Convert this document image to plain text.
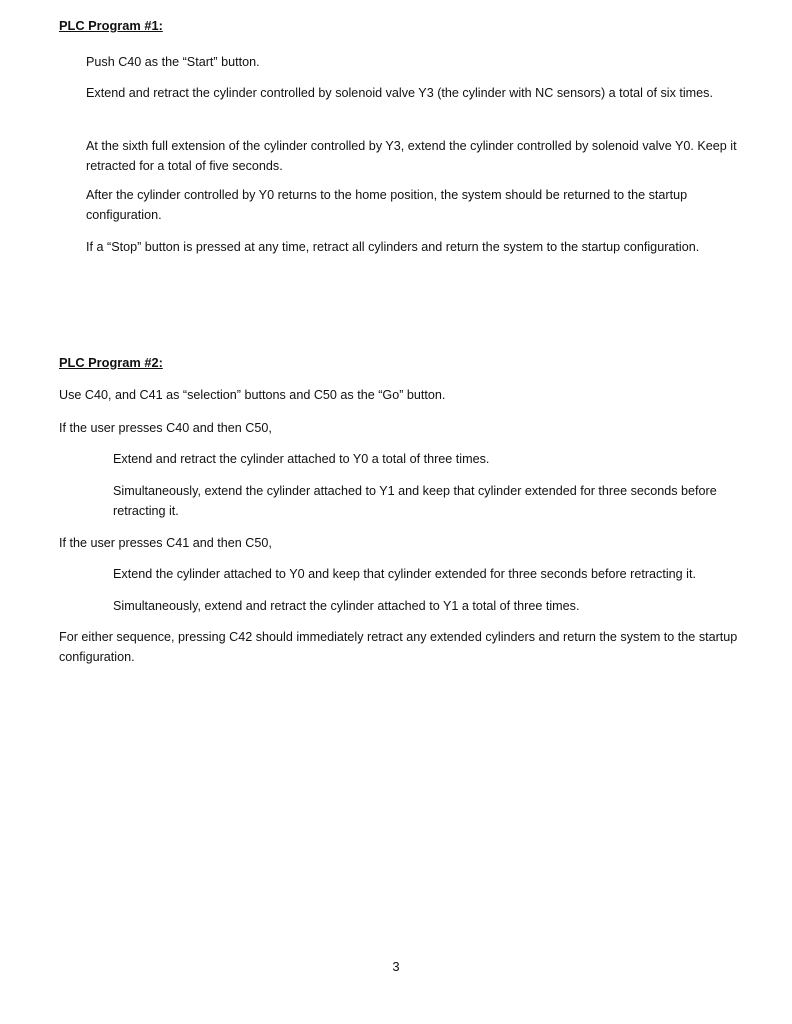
PLC Program #1:

Push C40 as the “Start” button.

Extend and retract the cylinder controlled by solenoid valve Y3 (the cylinder with NC sensors) a total of six times.

At the sixth full extension of the cylinder controlled by Y3, extend the cylinder controlled by solenoid valve Y0. Keep it retracted for a total of five seconds.

After the cylinder controlled by Y0 returns to the home position, the system should be returned to the startup configuration.

If a “Stop” button is pressed at any time, retract all cylinders and return the system to the startup configuration.

PLC Program #2:

Use C40, and C41 as “selection” buttons and C50 as the “Go” button.

If the user presses C40 and then C50,

Extend and retract the cylinder attached to Y0 a total of three times.

Simultaneously, extend the cylinder attached to Y1 and keep that cylinder extended for three seconds before retracting it.

If the user presses C41 and then C50,

Extend the cylinder attached to Y0 and keep that cylinder extended for three seconds before retracting it.

Simultaneously, extend and retract the cylinder attached to Y1 a total of three times.

For either sequence, pressing C42 should immediately retract any extended cylinders and return the system to the startup configuration.

3
